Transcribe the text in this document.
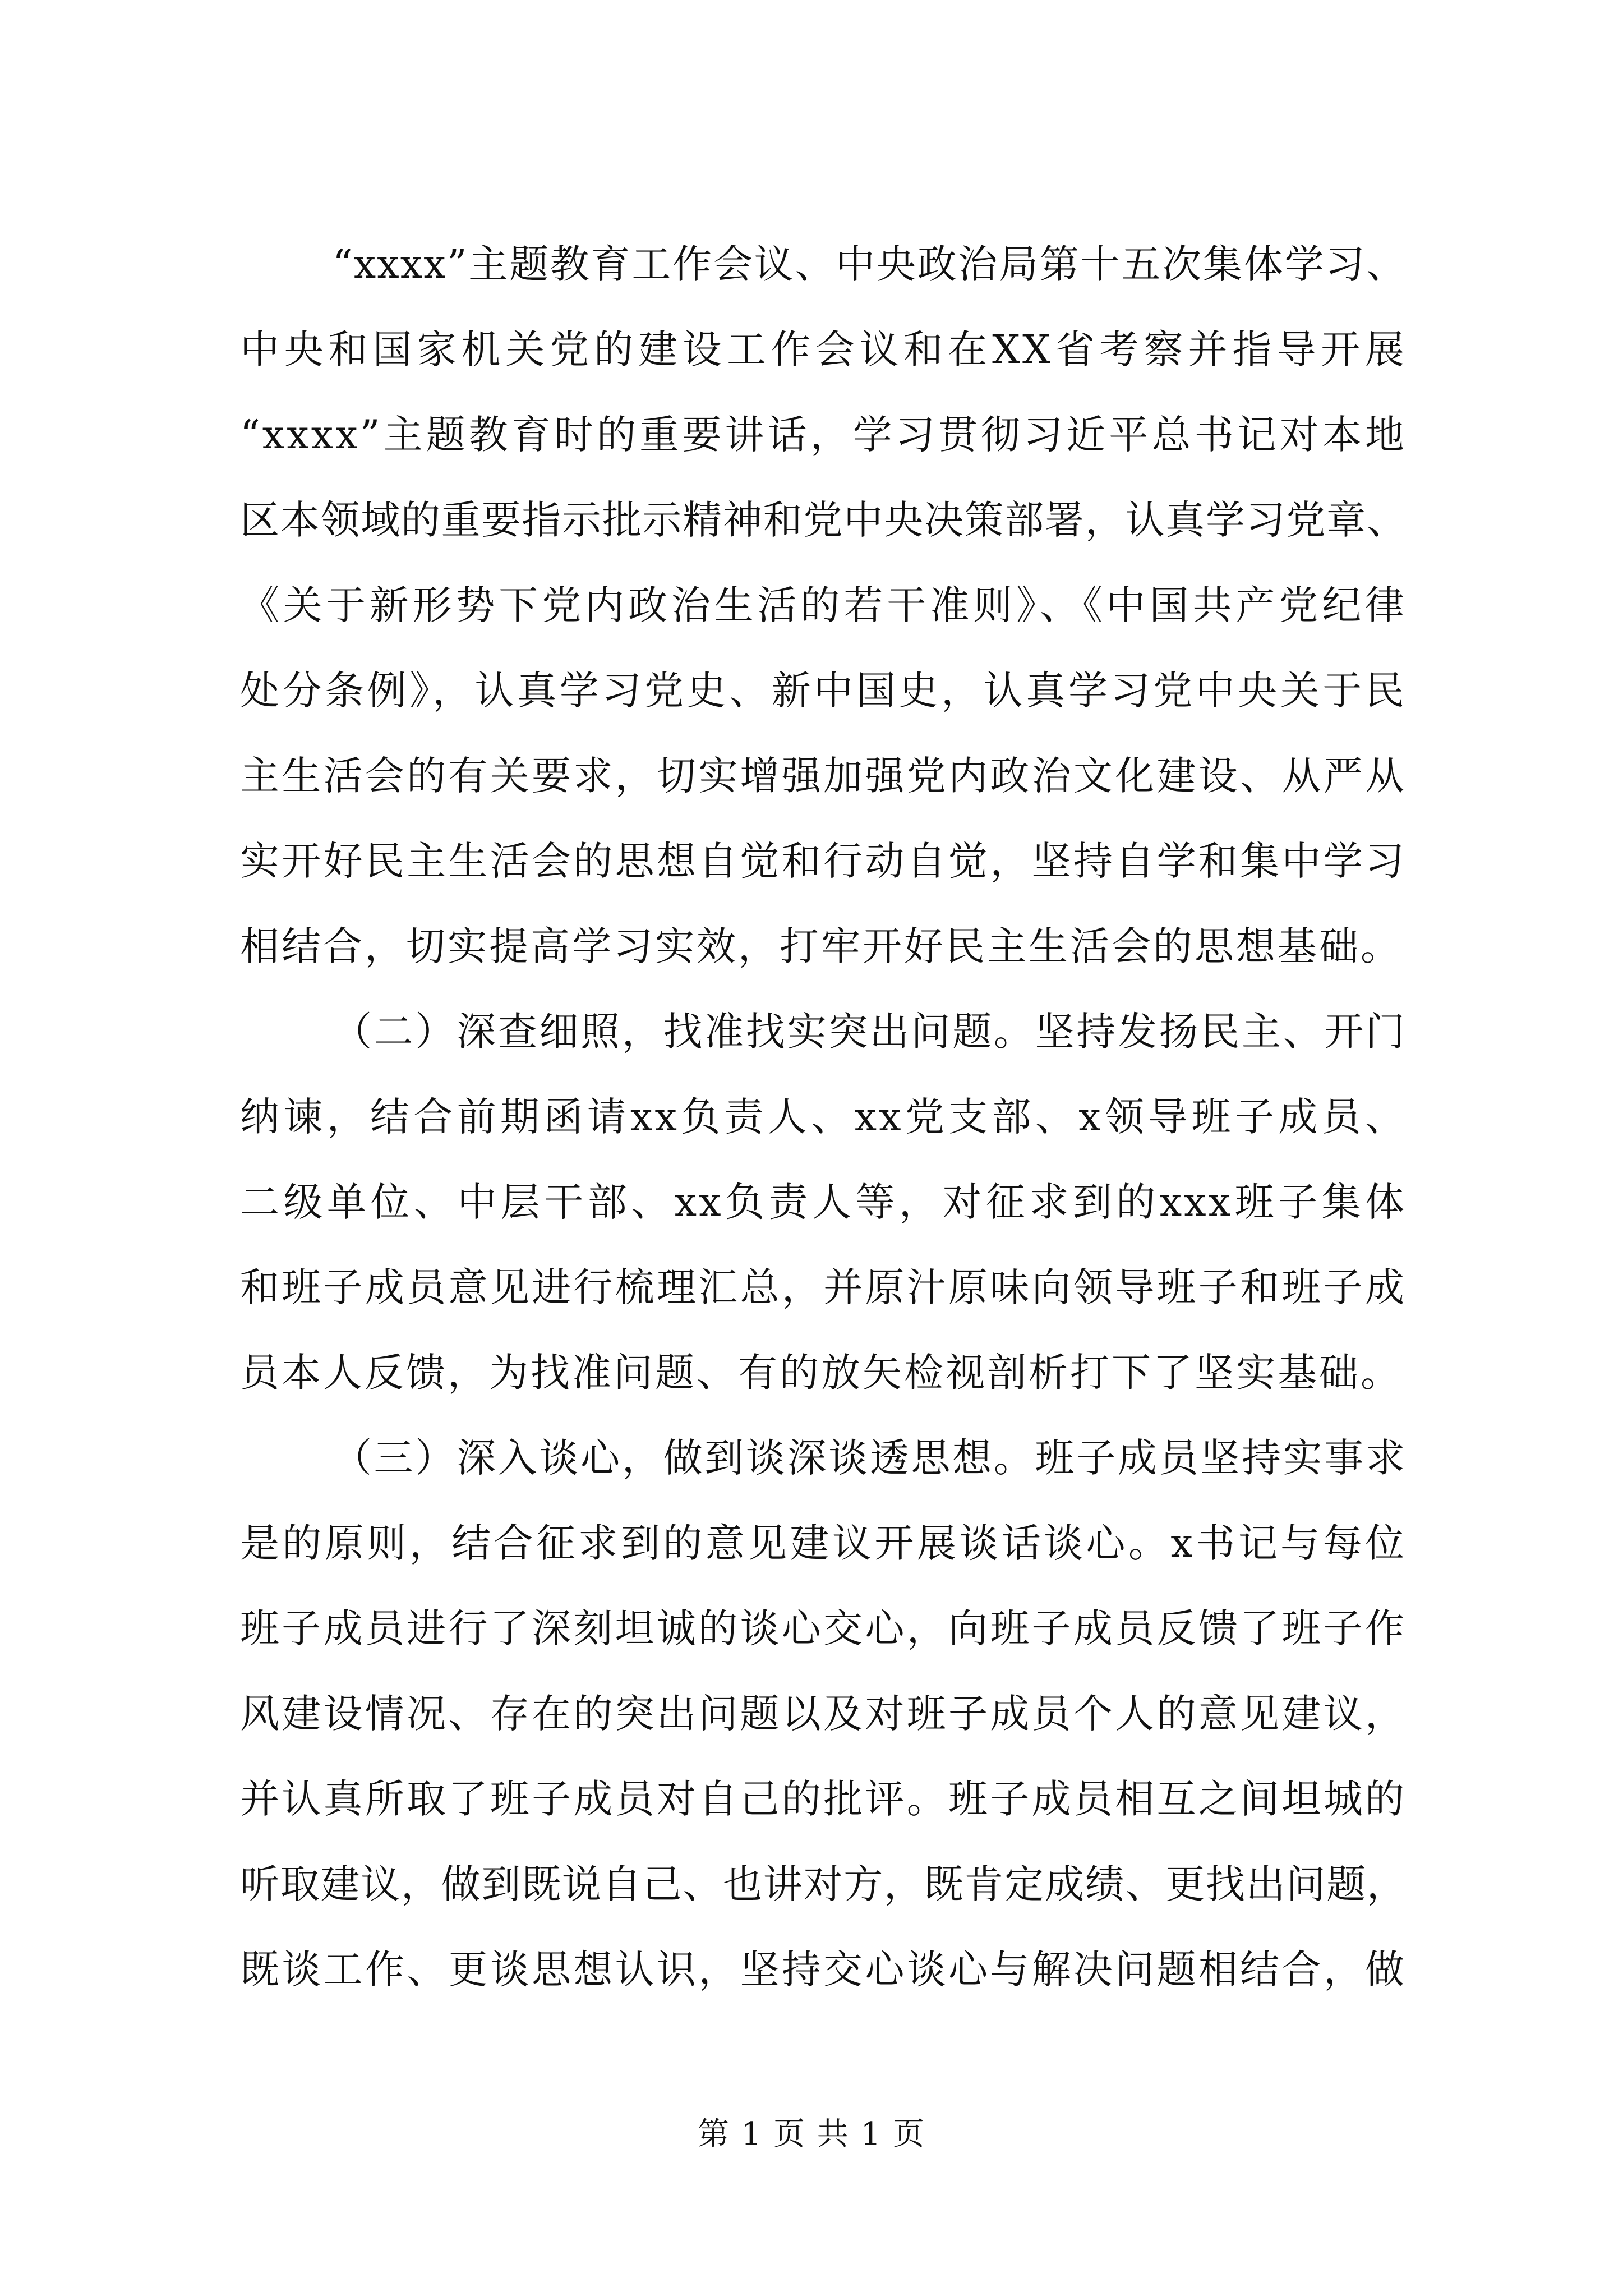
“xxxx”主题教育工作会议、中央政治局第十五次集体学习、
中央和国家机关党的建设工作会议和在XX省考察并指导开展
“xxxx”主题教育时的重要讲话，学习贯彻习近平总书记对本地
区本领域的重要指示批示精神和党中央决策部署，认真学习党章、
《关于新形势下党内政治生活的若干准则》、《中国共产党纪律
处分条例》，认真学习党史、新中国史，认真学习党中央关于民
主生活会的有关要求，切实增强加强党内政治文化建设、从严从
实开好民主生活会的思想自觉和行动自觉，坚持自学和集中学习
相结合，切实提高学习实效，打牢开好民主生活会的思想基础。
（二）深查细照，找准找实突出问题。坚持发扬民主、开门
纳谏，结合前期函请xx负责人、xx党支部、x领导班子成员、
二级单位、中层干部、xx负责人等，对征求到的xxx班子集体
和班子成员意见进行梳理汇总，并原汁原味向领导班子和班子成
员本人反馈，为找准问题、有的放矢检视剖析打下了坚实基础。
（三）深入谈心，做到谈深谈透思想。班子成员坚持实事求
是的原则，结合征求到的意见建议开展谈话谈心。x书记与每位
班子成员进行了深刻坦诚的谈心交心，向班子成员反馈了班子作
风建设情况、存在的突出问题以及对班子成员个人的意见建议，
并认真所取了班子成员对自己的批评。班子成员相互之间坦城的
听取建议，做到既说自己、也讲对方，既肯定成绩、更找出问题，
既谈工作、更谈思想认识，坚持交心谈心与解决问题相结合，做
第 1 页 共 1 页
